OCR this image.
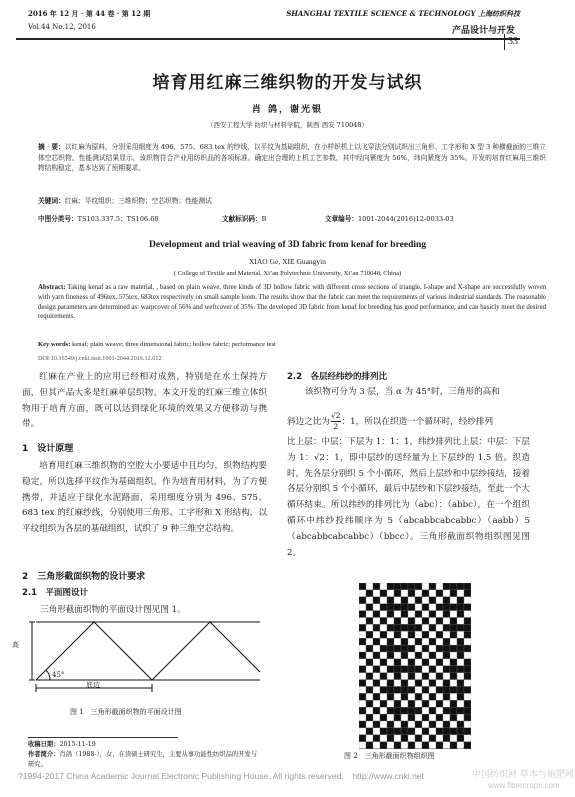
2016 年 12 月 · 第 44 卷 · 第 12 期
Vol.44 No.12, 2016
SHANGHAI TEXTILE SCIENCE & TECHNOLOGY 上海纺织科技
产品设计与开发
33
培育用红麻三维织物的开发与试织
肖 鸽，谢光银
（西安工程大学 纺织与材料学院，陕西 西安 710048）
摘　要：以红麻为原料，分别采用细度为 496、575、683 tex 的纱线，以平纹为基础组织，在小样织机上以飞穿法分别试织出三角形、工字形和 X 型 3 种横截面的三维立体空芯织物。性能测试结果显示，该织物符合产业用纺织品的各项标准。确定出合理的上机工艺参数，其中经向紧度为 56%，纬向紧度为 35%。开发的培育红麻用三维织物结构稳定，基本达到了预期要求。
关键词：红麻；平纹组织；三维织物；空芯织物；性能测试
中图分类号：TS103.337.5；TS106.68	文献标识码：B	文章编号：1001-2044(2016)12-0033-03
Development and trial weaving of 3D fabric from kenaf for breeding
XIAO Ge, XIE Guangyin
( College of Textile and Material, Xi’an Polytechnic University, Xi’an 710048, China)
Abstract: Taking kenaf as a raw material, , based on plain weave, three kinds of 3D hollow fabric with different cross sections of triangle, I-shape and X-shape are successfully woven with yarn fineness of 496tex, 575tex, 683tex respectively on small sample loom. The results show that the fabric can meet the requirements of various industrial standards. The reasonable design parameters are determined as: warpcover of 56% and weftcover of 35%. The developed 3D fabric from kenaf for breeding has good performance, and can basicly meet the desired requirements.
Key words: kenaf; plain weave; three dimensional fabric; hollow fabric; performance test
DOI:10.16549/j.cnki.issn.1001-2044.2016.12.012

红麻在产业上的应用已经相对成熟，特别是在水土保持方面，但其产品大多是红麻单层织物。本文开发的红麻三维立体织物用于培育方面，既可以达到绿化环境的效果又方便移动与携带。

1　设计原理

培育用红麻三维织物的空腔大小要适中且均匀，织物结构要稳定，所以选择平纹作为基础组织。作为培育用材料，为了方便携带，并适应于绿化水泥路面，采用细度分别为 496、575、683 tex 的红麻纱线，分别使用三角形、工字形和 X 形结构，以平纹组织为各层的基础组织，试织了 9 种三维空芯结构。

2　三角形截面织物的设计要求
2.1　平面图设计
三角形截面织物的平面设计图见图 1。
高
45°
底边
图 1　三角形截面织物的平面设计图
收稿日期：2015-11-19
作者简介：肖鸽（1988-），女，在读硕士研究生，主要从事功能性纺织品的开发与研究。
2.2　各层经纬纱的排列比
该织物可分为 3 层，当 α 为 45°时，三角形的高和
斜边之比为 $\frac{√2}{2}$ ：1，所以在织造一个循环时，经纱排列
比上层：中层：下层为 1：1：1，纬纱排列比上层：中层：下层为 1：√2：1，即中层纱的送经量为上下层纱的 1.5 倍。织造时，先各层分别织 5 个小循环，然后上层纱和中层纱接结，接着各层分别织 5 个小循环，最后中层纱和下层纱接结，至此一个大循环结束。所以纬纱的排列比为（abc）：（abbc），在一个组织循环中纬纱投纬顺序为 5（abcabbcabcabbc）（aabb）5（abcabbcabcabbc）（bbcc）。三角形截面织物组织图见图 2。
图 2　三角形截面织物组织图
?1994-2017 China Academic Journal Electronic Publishing House. All rights reserved.　http://www.cnki.net	中国纺织网 草本与施肥网
www.fibercrops.com
